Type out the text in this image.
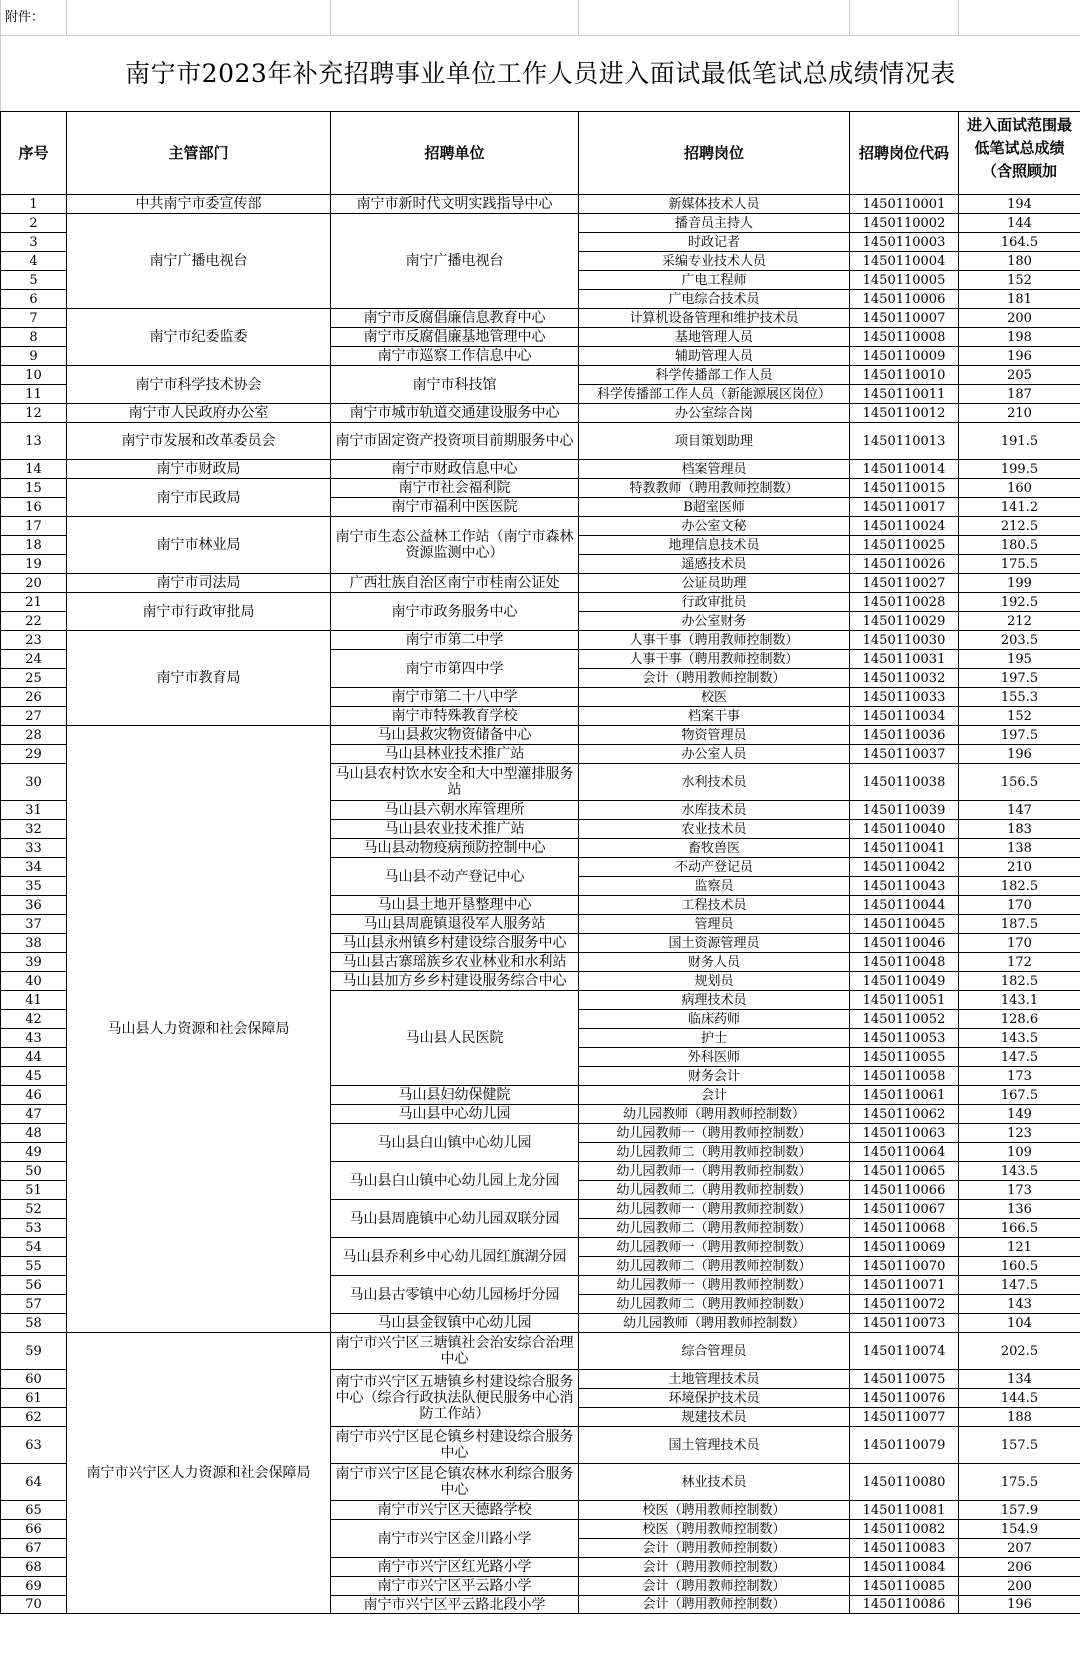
附件：					
南宁市2023年补充招聘事业单位工作人员进入面试最低笔试总成绩情况表					
序号	主管部门	招聘单位	招聘岗位	招聘岗位代码	进入面试范围最低笔试总成绩（含照顾加
1	中共南宁市委宣传部	南宁市新时代文明实践指导中心	新媒体技术人员	1450110001	194
2	南宁广播电视台	南宁广播电视台	播音员主持人	1450110002	144
3			时政记者	1450110003	164.5
4			采编专业技术人员	1450110004	180
5			广电工程师	1450110005	152
6			广电综合技术员	1450110006	181
7	南宁市纪委监委	南宁市反腐倡廉信息教育中心	计算机设备管理和维护技术员	1450110007	200
8		南宁市反腐倡廉基地管理中心	基地管理人员	1450110008	198
9		南宁市巡察工作信息中心	辅助管理人员	1450110009	196
10	南宁市科学技术协会	南宁市科技馆	科学传播部工作人员	1450110010	205
11			科学传播部工作人员（新能源展区岗位）	1450110011	187
12	南宁市人民政府办公室	南宁市城市轨道交通建设服务中心	办公室综合岗	1450110012	210
13	南宁市发展和改革委员会	南宁市固定资产投资项目前期服务中心	项目策划助理	1450110013	191.5
14	南宁市财政局	南宁市财政信息中心	档案管理员	1450110014	199.5
15	南宁市民政局	南宁市社会福利院	特教教师（聘用教师控制数）	1450110015	160
16		南宁市福利中医医院	B超室医师	1450110017	141.2
17	南宁市林业局	南宁市生态公益林工作站（南宁市森林资源监测中心）	办公室文秘	1450110024	212.5
18			地理信息技术员	1450110025	180.5
19			遥感技术员	1450110026	175.5
20	南宁市司法局	广西壮族自治区南宁市桂南公证处	公证员助理	1450110027	199
21	南宁市行政审批局	南宁市政务服务中心	行政审批员	1450110028	192.5
22			办公室财务	1450110029	212
23	南宁市教育局	南宁市第二中学	人事干事（聘用教师控制数）	1450110030	203.5
24		南宁市第四中学	人事干事（聘用教师控制数）	1450110031	195
25			会计（聘用教师控制数）	1450110032	197.5
26		南宁市第二十八中学	校医	1450110033	155.3
27		南宁市特殊教育学校	档案干事	1450110034	152
28	马山县人力资源和社会保障局	马山县救灾物资储备中心	物资管理员	1450110036	197.5
29		马山县林业技术推广站	办公室人员	1450110037	196
30		马山县农村饮水安全和大中型灌排服务站	水利技术员	1450110038	156.5
31		马山县六朝水库管理所	水库技术员	1450110039	147
32		马山县农业技术推广站	农业技术员	1450110040	183
33		马山县动物疫病预防控制中心	畜牧兽医	1450110041	138
34		马山县不动产登记中心	不动产登记员	1450110042	210
35			监察员	1450110043	182.5
36		马山县土地开垦整理中心	工程技术员	1450110044	170
37		马山县周鹿镇退役军人服务站	管理员	1450110045	187.5
38		马山县永州镇乡村建设综合服务中心	国土资源管理员	1450110046	170
39		马山县古寨瑶族乡农业林业和水利站	财务人员	1450110048	172
40		马山县加方乡乡村建设服务综合中心	规划员	1450110049	182.5
41		马山县人民医院	病理技术员	1450110051	143.1
42			临床药师	1450110052	128.6
43			护士	1450110053	143.5
44			外科医师	1450110055	147.5
45			财务会计	1450110058	173
46		马山县妇幼保健院	会计	1450110061	167.5
47		马山县中心幼儿园	幼儿园教师（聘用教师控制数）	1450110062	149
48		马山县白山镇中心幼儿园	幼儿园教师一（聘用教师控制数）	1450110063	123
49			幼儿园教师二（聘用教师控制数）	1450110064	109
50		马山县白山镇中心幼儿园上龙分园	幼儿园教师一（聘用教师控制数）	1450110065	143.5
51			幼儿园教师二（聘用教师控制数）	1450110066	173
52		马山县周鹿镇中心幼儿园双联分园	幼儿园教师一（聘用教师控制数）	1450110067	136
53			幼儿园教师二（聘用教师控制数）	1450110068	166.5
54		马山县乔利乡中心幼儿园红旗湖分园	幼儿园教师一（聘用教师控制数）	1450110069	121
55			幼儿园教师二（聘用教师控制数）	1450110070	160.5
56		马山县古零镇中心幼儿园杨圩分园	幼儿园教师一（聘用教师控制数）	1450110071	147.5
57			幼儿园教师二（聘用教师控制数）	1450110072	143
58		马山县金钗镇中心幼儿园	幼儿园教师（聘用教师控制数）	1450110073	104
59	南宁市兴宁区人力资源和社会保障局	南宁市兴宁区三塘镇社会治安综合治理中心	综合管理员	1450110074	202.5
60		南宁市兴宁区五塘镇乡村建设综合服务中心（综合行政执法队便民服务中心消防工作站）	土地管理技术员	1450110075	134
61			环境保护技术员	1450110076	144.5
62			规建技术员	1450110077	188
63		南宁市兴宁区昆仑镇乡村建设综合服务中心	国土管理技术员	1450110079	157.5
64		南宁市兴宁区昆仑镇农林水利综合服务中心	林业技术员	1450110080	175.5
65		南宁市兴宁区天德路学校	校医（聘用教师控制数）	1450110081	157.9
66		南宁市兴宁区金川路小学	校医（聘用教师控制数）	1450110082	154.9
67			会计（聘用教师控制数）	1450110083	207
68		南宁市兴宁区红光路小学	会计（聘用教师控制数）	1450110084	206
69		南宁市兴宁区平云路小学	会计（聘用教师控制数）	1450110085	200
70		南宁市兴宁区平云路北段小学	会计（聘用教师控制数）	1450110086	196
